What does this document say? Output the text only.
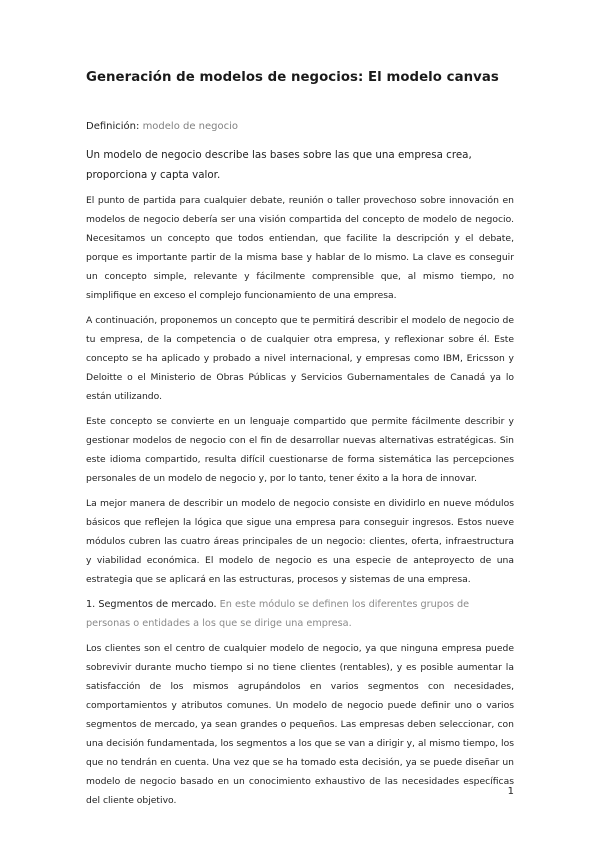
Generación de modelos de negocios: El modelo canvas
Definición: modelo de negocio
Un modelo de negocio describe las bases sobre las que una empresa crea, proporciona y capta valor.

El punto de partida para cualquier debate, reunión o taller provechoso sobre innovación en modelos de negocio debería ser una visión compartida del concepto de modelo de negocio. Necesitamos un concepto que todos entiendan, que facilite la descripción y el debate, porque es importante partir de la misma base y hablar de lo mismo. La clave es conseguir un concepto simple, relevante y fácilmente comprensible que, al mismo tiempo, no simplifique en exceso el complejo funcionamiento de una empresa.

A continuación, proponemos un concepto que te permitirá describir el modelo de negocio de tu empresa, de la competencia o de cualquier otra empresa, y reflexionar sobre él. Este concepto se ha aplicado y probado a nivel internacional, y empresas como IBM, Ericsson y Deloitte o el Ministerio de Obras Públicas y Servicios Gubernamentales de Canadá ya lo están utilizando.

Este concepto se convierte en un lenguaje compartido que permite fácilmente describir y gestionar modelos de negocio con el fin de desarrollar nuevas alternativas estratégicas. Sin este idioma compartido, resulta difícil cuestionarse de forma sistemática las percepciones personales de un modelo de negocio y, por lo tanto, tener éxito a la hora de innovar.

La mejor manera de describir un modelo de negocio consiste en dividirlo en nueve módulos básicos que reflejen la lógica que sigue una empresa para conseguir ingresos. Estos nueve módulos cubren las cuatro áreas principales de un negocio: clientes, oferta, infraestructura y viabilidad económica. El modelo de negocio es una especie de anteproyecto de una estrategia que se aplicará en las estructuras, procesos y sistemas de una empresa.

1. Segmentos de mercado. En este módulo se definen los diferentes grupos de personas o entidades a los que se dirige una empresa.

Los clientes son el centro de cualquier modelo de negocio, ya que ninguna empresa puede sobrevivir durante mucho tiempo si no tiene clientes (rentables), y es posible aumentar la satisfacción de los mismos agrupándolos en varios segmentos con necesidades, comportamientos y atributos comunes. Un modelo de negocio puede definir uno o varios segmentos de mercado, ya sean grandes o pequeños. Las empresas deben seleccionar, con una decisión fundamentada, los segmentos a los que se van a dirigir y, al mismo tiempo, los que no tendrán en cuenta. Una vez que se ha tomado esta decisión, ya se puede diseñar un modelo de negocio basado en un conocimiento exhaustivo de las necesidades específicas del cliente objetivo.

1
